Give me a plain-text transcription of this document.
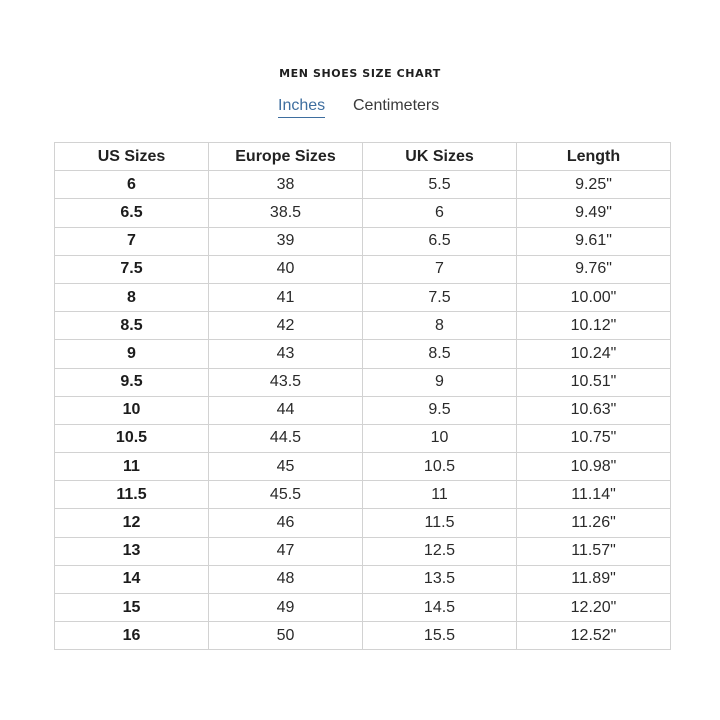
MEN SHOES SIZE CHART
Inches Centimeters
US Sizes	Europe Sizes	UK Sizes	Length
6	38	5.5	9.25"
6.5	38.5	6	9.49"
7	39	6.5	9.61"
7.5	40	7	9.76"
8	41	7.5	10.00"
8.5	42	8	10.12"
9	43	8.5	10.24"
9.5	43.5	9	10.51"
10	44	9.5	10.63"
10.5	44.5	10	10.75"
11	45	10.5	10.98"
11.5	45.5	11	11.14"
12	46	11.5	11.26"
13	47	12.5	11.57"
14	48	13.5	11.89"
15	49	14.5	12.20"
16	50	15.5	12.52"
